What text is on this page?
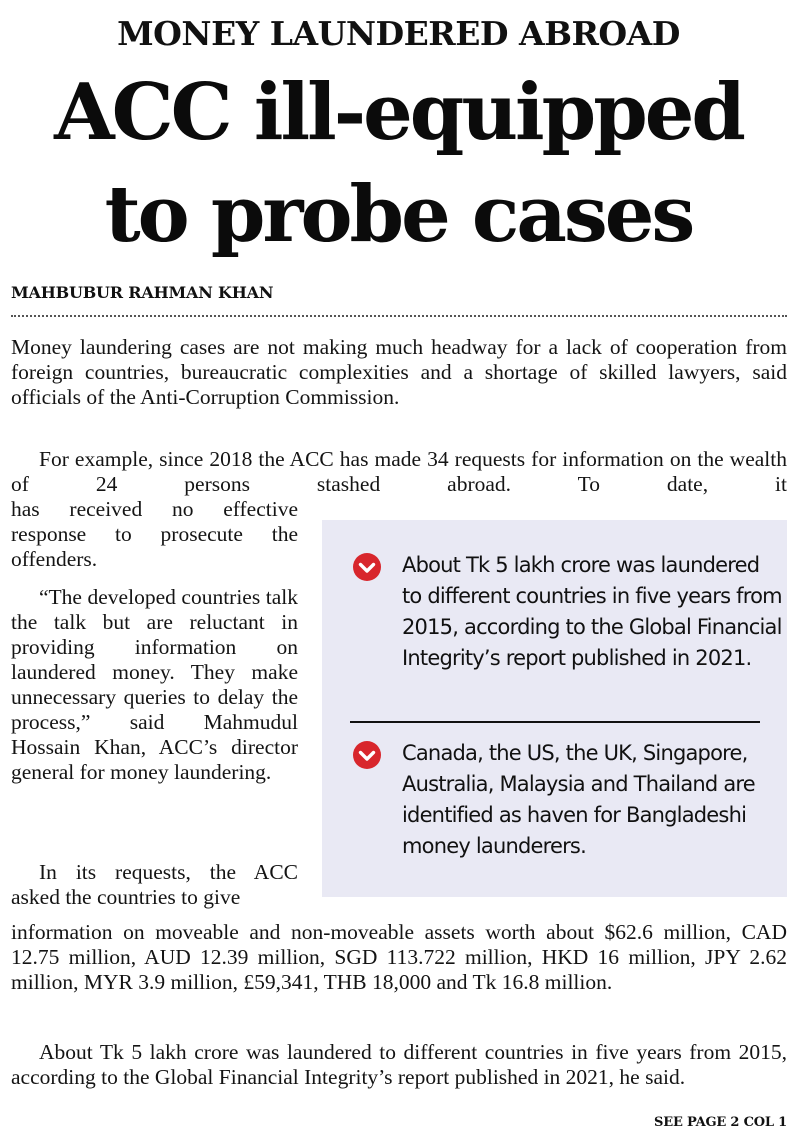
MONEY LAUNDERED ABROAD
ACC ill-equipped
to probe cases
MAHBUBUR RAHMAN KHAN

Money laundering cases are not making much headway for a lack of cooperation from foreign countries, bureaucratic complexities and a shortage of skilled lawyers, said officials of the Anti-Corruption Commission.

For example, since 2018 the ACC has made 34 requests for information on the wealth of 24 persons stashed abroad. To date, it

has received no effective response to prosecute the offenders.

“The developed countries talk the talk but are reluctant in providing information on laundered money. They make unnecessary queries to delay the process,” said Mahmudul Hossain Khan, ACC’s director general for money laundering.

In its requests, the ACC asked the countries to give

information on moveable and non-moveable assets worth about $62.6 million, CAD 12.75 million, AUD 12.39 million, SGD 113.722 million, HKD 16 million, JPY 2.62 million, MYR 3.9 million, £59,341, THB 18,000 and Tk 16.8 million.

About Tk 5 lakh crore was laundered to different countries in five years from 2015, according to the Global Financial Integrity’s report published in 2021, he said.

About Tk 5 lakh crore was laundered to different countries in five years from 2015, according to the Global Financial Integrity’s report published in 2021.
Canada, the US, the UK, Singapore, Australia, Malaysia and Thailand are identified as haven for Bangladeshi money launderers.
SEE PAGE 2 COL 1
